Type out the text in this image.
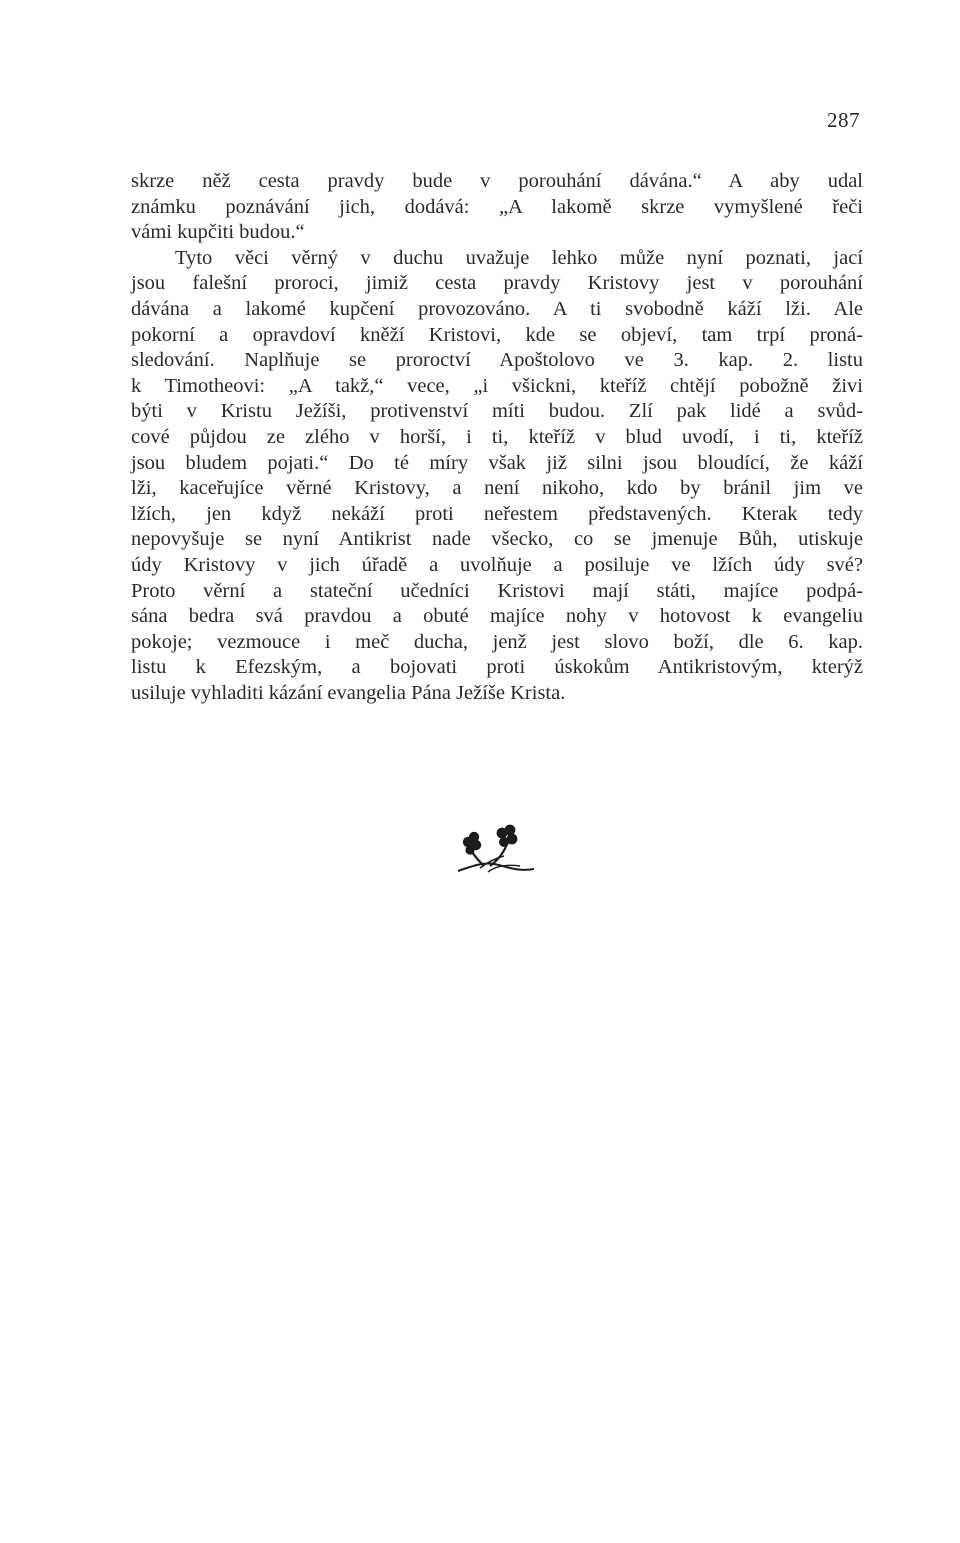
287
skrze něž cesta pravdy bude v porouhání dávána.“ A aby udal
známku poznávání jich, dodává: „A lakomě skrze vymyšlené řeči
vámi kupčiti budou.“
Tyto věci věrný v duchu uvažuje lehko může nyní poznati, jací
jsou falešní proroci, jimiž cesta pravdy Kristovy jest v porouhání
dávána a lakomé kupčení provozováno. A ti svobodně káží lži. Ale
pokorní a opravdoví kněží Kristovi, kde se objeví, tam trpí proná-
sledování. Naplňuje se proroctví Apoštolovo ve 3. kap. 2. listu
k Timotheovi: „A takž,“ vece, „i všickni, kteříž chtějí pobožně živi
býti v Kristu Ježíši, protivenství míti budou. Zlí pak lidé a svůd-
cové půjdou ze zlého v horší, i ti, kteříž v blud uvodí, i ti, kteříž
jsou bludem pojati.“ Do té míry však již silni jsou bloudící, že káží
lži, kaceřujíce věrné Kristovy, a není nikoho, kdo by bránil jim ve
lžích, jen když nekáží proti neřestem představených. Kterak tedy
nepovyšuje se nyní Antikrist nade všecko, co se jmenuje Bůh, utiskuje
údy Kristovy v jich úřadě a uvolňuje a posiluje ve lžích údy své?
Proto věrní a stateční učedníci Kristovi mají státi, majíce podpá-
sána bedra svá pravdou a obuté majíce nohy v hotovost k evangeliu
pokoje; vezmouce i meč ducha, jenž jest slovo boží, dle 6. kap.
listu k Efezským, a bojovati proti úskokům Antikristovým, kterýž
usiluje vyhladiti kázání evangelia Pána Ježíše Krista.
